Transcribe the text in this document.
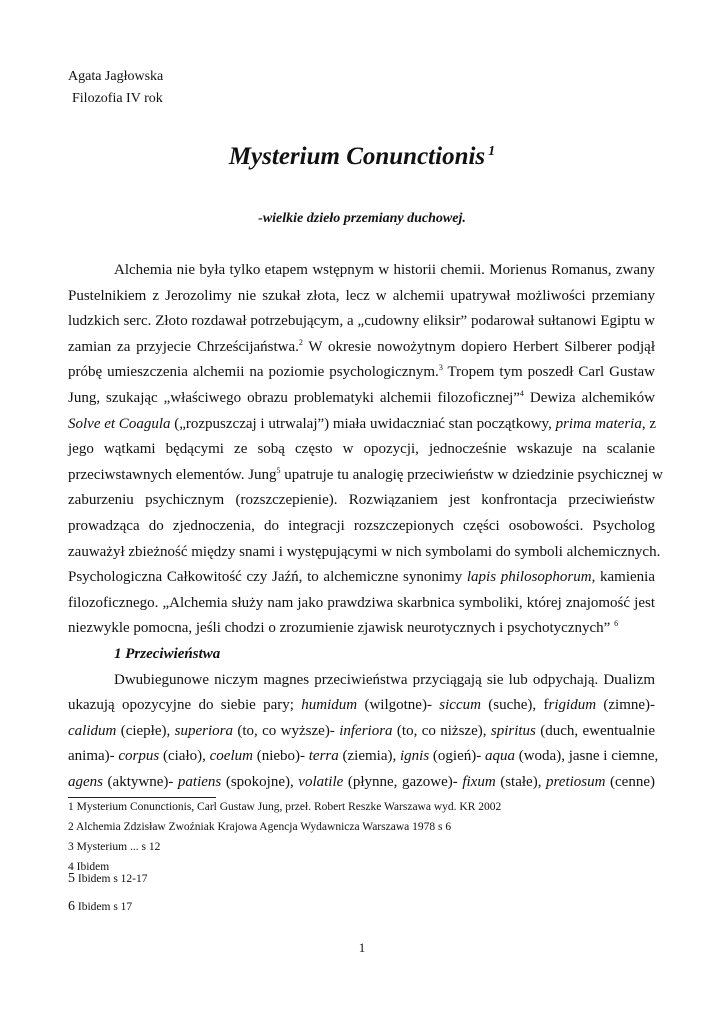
Agata Jagłowska
Filozofia IV rok
Mysterium Conunctionis $^1$
-wielkie dzieło przemiany duchowej.
Alchemia nie była tylko etapem wstępnym w historii chemii. Morienus Romanus, zwany
Pustelnikiem z Jerozolimy nie szukał złota, lecz w alchemii upatrywał możliwości przemiany
ludzkich serc. Złoto rozdawał potrzebującym, a „cudowny eliksir” podarował sułtanowi Egiptu w
zamian za przyjecie Chrześcijaństwa.$^2$ W okresie nowożytnym dopiero Herbert Silberer podjął
próbę umieszczenia alchemii na poziomie psychologicznym.$^3$ Tropem tym poszedł Carl Gustaw
Jung, szukając „właściwego obrazu problematyki alchemii filozoficznej”$^4$ Dewiza alchemików
Solve et Coagula („rozpuszczaj i utrwalaj”) miała uwidaczniać stan początkowy, prima materia, z
jego wątkami będącymi ze sobą często w opozycji, jednocześnie wskazuje na scalanie
przeciwstawnych elementów. Jung$^5$ upatruje tu analogię przeciwieństw w dziedzinie psychicznej w
zaburzeniu psychicznym (rozszczepienie). Rozwiązaniem jest konfrontacja przeciwieństw
prowadząca do zjednoczenia, do integracji rozszczepionych części osobowości. Psycholog
zauważył zbieżność między snami i występującymi w nich symbolami do symboli alchemicznych.
Psychologiczna Całkowitość czy Jaźń, to alchemiczne synonimy lapis philosophorum, kamienia
filozoficznego. „Alchemia służy nam jako prawdziwa skarbnica symboliki, której znajomość jest
niezwykle pomocna, jeśli chodzi o zrozumienie zjawisk neurotycznych i psychotycznych” $^6$
1 Przeciwieństwa
Dwubiegunowe niczym magnes przeciwieństwa przyciągają sie lub odpychają. Dualizm
ukazują opozycyjne do siebie pary; humidum (wilgotne)- siccum (suche), frigidum (zimne)-
calidum (ciepłe), superiora (to, co wyższe)- inferiora (to, co niższe), spiritus (duch, ewentualnie
anima)- corpus (ciało), coelum (niebo)- terra (ziemia), ignis (ogień)- aqua (woda), jasne i ciemne,
agens (aktywne)- patiens (spokojne), volatile (płynne, gazowe)- fixum (stałe), pretiosum (cenne)
1 Mysterium Conunctionis, Carl Gustaw Jung, przeł. Robert Reszke Warszawa wyd. KR 2002
2 Alchemia Zdzisław Zwoźniak Krajowa Agencja Wydawnicza Warszawa 1978 s 6
3 Mysterium ... s 12
4 Ibidem
5 Ibidem s 12-17
6 Ibidem s 17
1
